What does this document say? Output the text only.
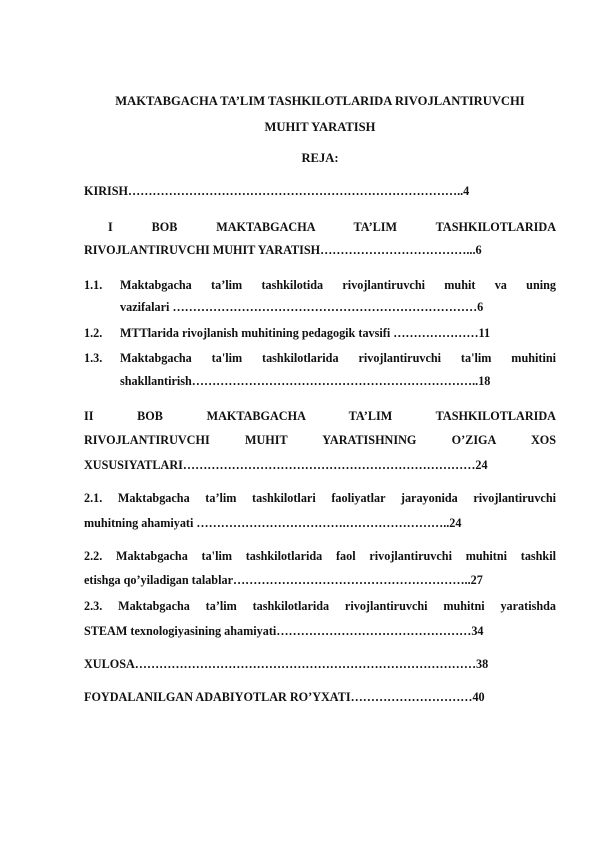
MAKTABGACHA TA’LIM TASHKILOTLARIDA RIVOJLANTIRUVCHI
MUHIT YARATISH
REJA:
KIRISH………………………………………………………………………..4
I BOB MAKTABGACHA TA’LIM TASHKILOTLARIDA
RIVOJLANTIRUVCHI MUHIT YARATISH………………………………...6
1.1. Maktabgacha ta’lim tashkilotida rivojlantiruvchi muhit va uning
vazifalari …………………………………………………………………6
1.2. MTTlarida rivojlanish muhitining pedagogik tavsifi …………………11
1.3. Maktabgacha ta'lim tashkilotlarida rivojlantiruvchi ta'lim muhitini
shakllantirish……………………………………………………………..18
II BOB MAKTABGACHA TA’LIM TASHKILOTLARIDA
RIVOJLANTIRUVCHI MUHIT YARATISHNING O’ZIGA XOS
XUSUSIYATLARI………………………………………………………………24
2.1. Maktabgacha ta’lim tashkilotlari faoliyatlar jarayonida rivojlantiruvchi
muhitning ahamiyati ……………………………….……………………..24
2.2. Maktabgacha ta'lim tashkilotlarida faol rivojlantiruvchi muhitni tashkil
etishga qo’yiladigan talablar…………………………………………………..27
2.3. Maktabgacha ta’lim tashkilotlarida rivojlantiruvchi muhitni yaratishda
STEAM texnologiyasining ahamiyati…………………………………………34
XULOSA…………………………………………………………………………38
FOYDALANILGAN ADABIYOTLAR RO’YXATI…………………………40
